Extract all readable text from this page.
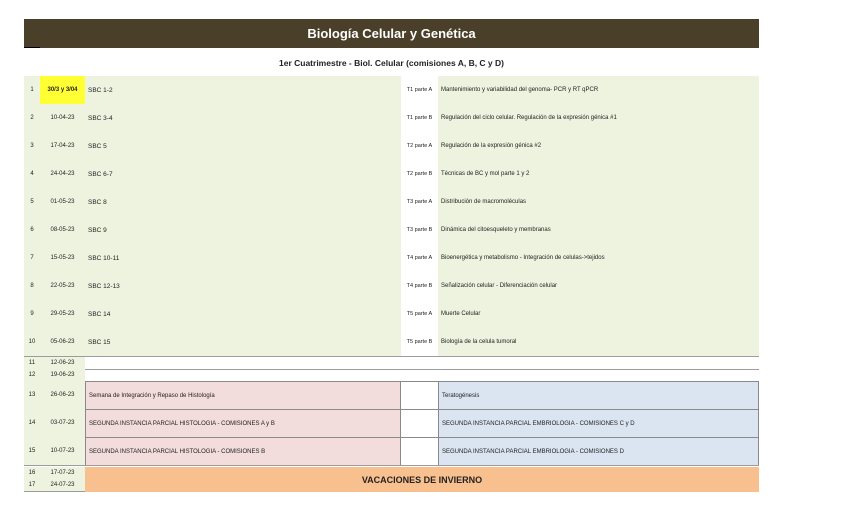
Biología Celular y Genética
1er Cuatrimestre - Biol. Celular (comisiones A, B, C y D)
1	30/3 y 3/04	SBC 1-2	T1 parte A	Mantenimiento y variabilidad del genoma- PCR y RT qPCR
2	10-04-23	SBC 3-4	T1 parte B	Regulación del ciclo celular. Regulación de la expresión génica #1
3	17-04-23	SBC 5	T2 parte A	Regulación de la expresión génica #2
4	24-04-23	SBC 6-7	T2 parte B	Técnicas de BC y mol parte 1 y 2
5	01-05-23	SBC 8	T3 parte A	Distribución de macromoléculas
6	08-05-23	SBC 9	T3 parte B	Dinámica del citoesqueleto y membranas
7	15-05-23	SBC 10-11	T4 parte A	Bioenergética y metabolismo - Integración de celulas->tejidos
8	22-05-23	SBC 12-13	T4 parte B	Señalización celular - Diferenciación celular
9	29-05-23	SBC 14	T5 parte A	Muerte Celular
10	05-06-23	SBC 15	T5 parte B	Biología de la celula tumoral
11	12-06-23
12	19-06-23
13	26-06-23	Semana de Integración y Repaso de Histología	Teratogénesis
14	03-07-23	SEGUNDA INSTANCIA PARCIAL HISTOLOGIA - COMISIONES A y B	SEGUNDA INSTANCIA PARCIAL EMBRIOLOGIA - COMISIONES C y D
15	10-07-23	SEGUNDA INSTANCIA PARCIAL HISTOLOGIA - COMISIONES B	SEGUNDA INSTANCIA PARCIAL EMBRIOLOGIA - COMISIONES D
16	17-07-23
17	24-07-23
VACACIONES DE INVIERNO
